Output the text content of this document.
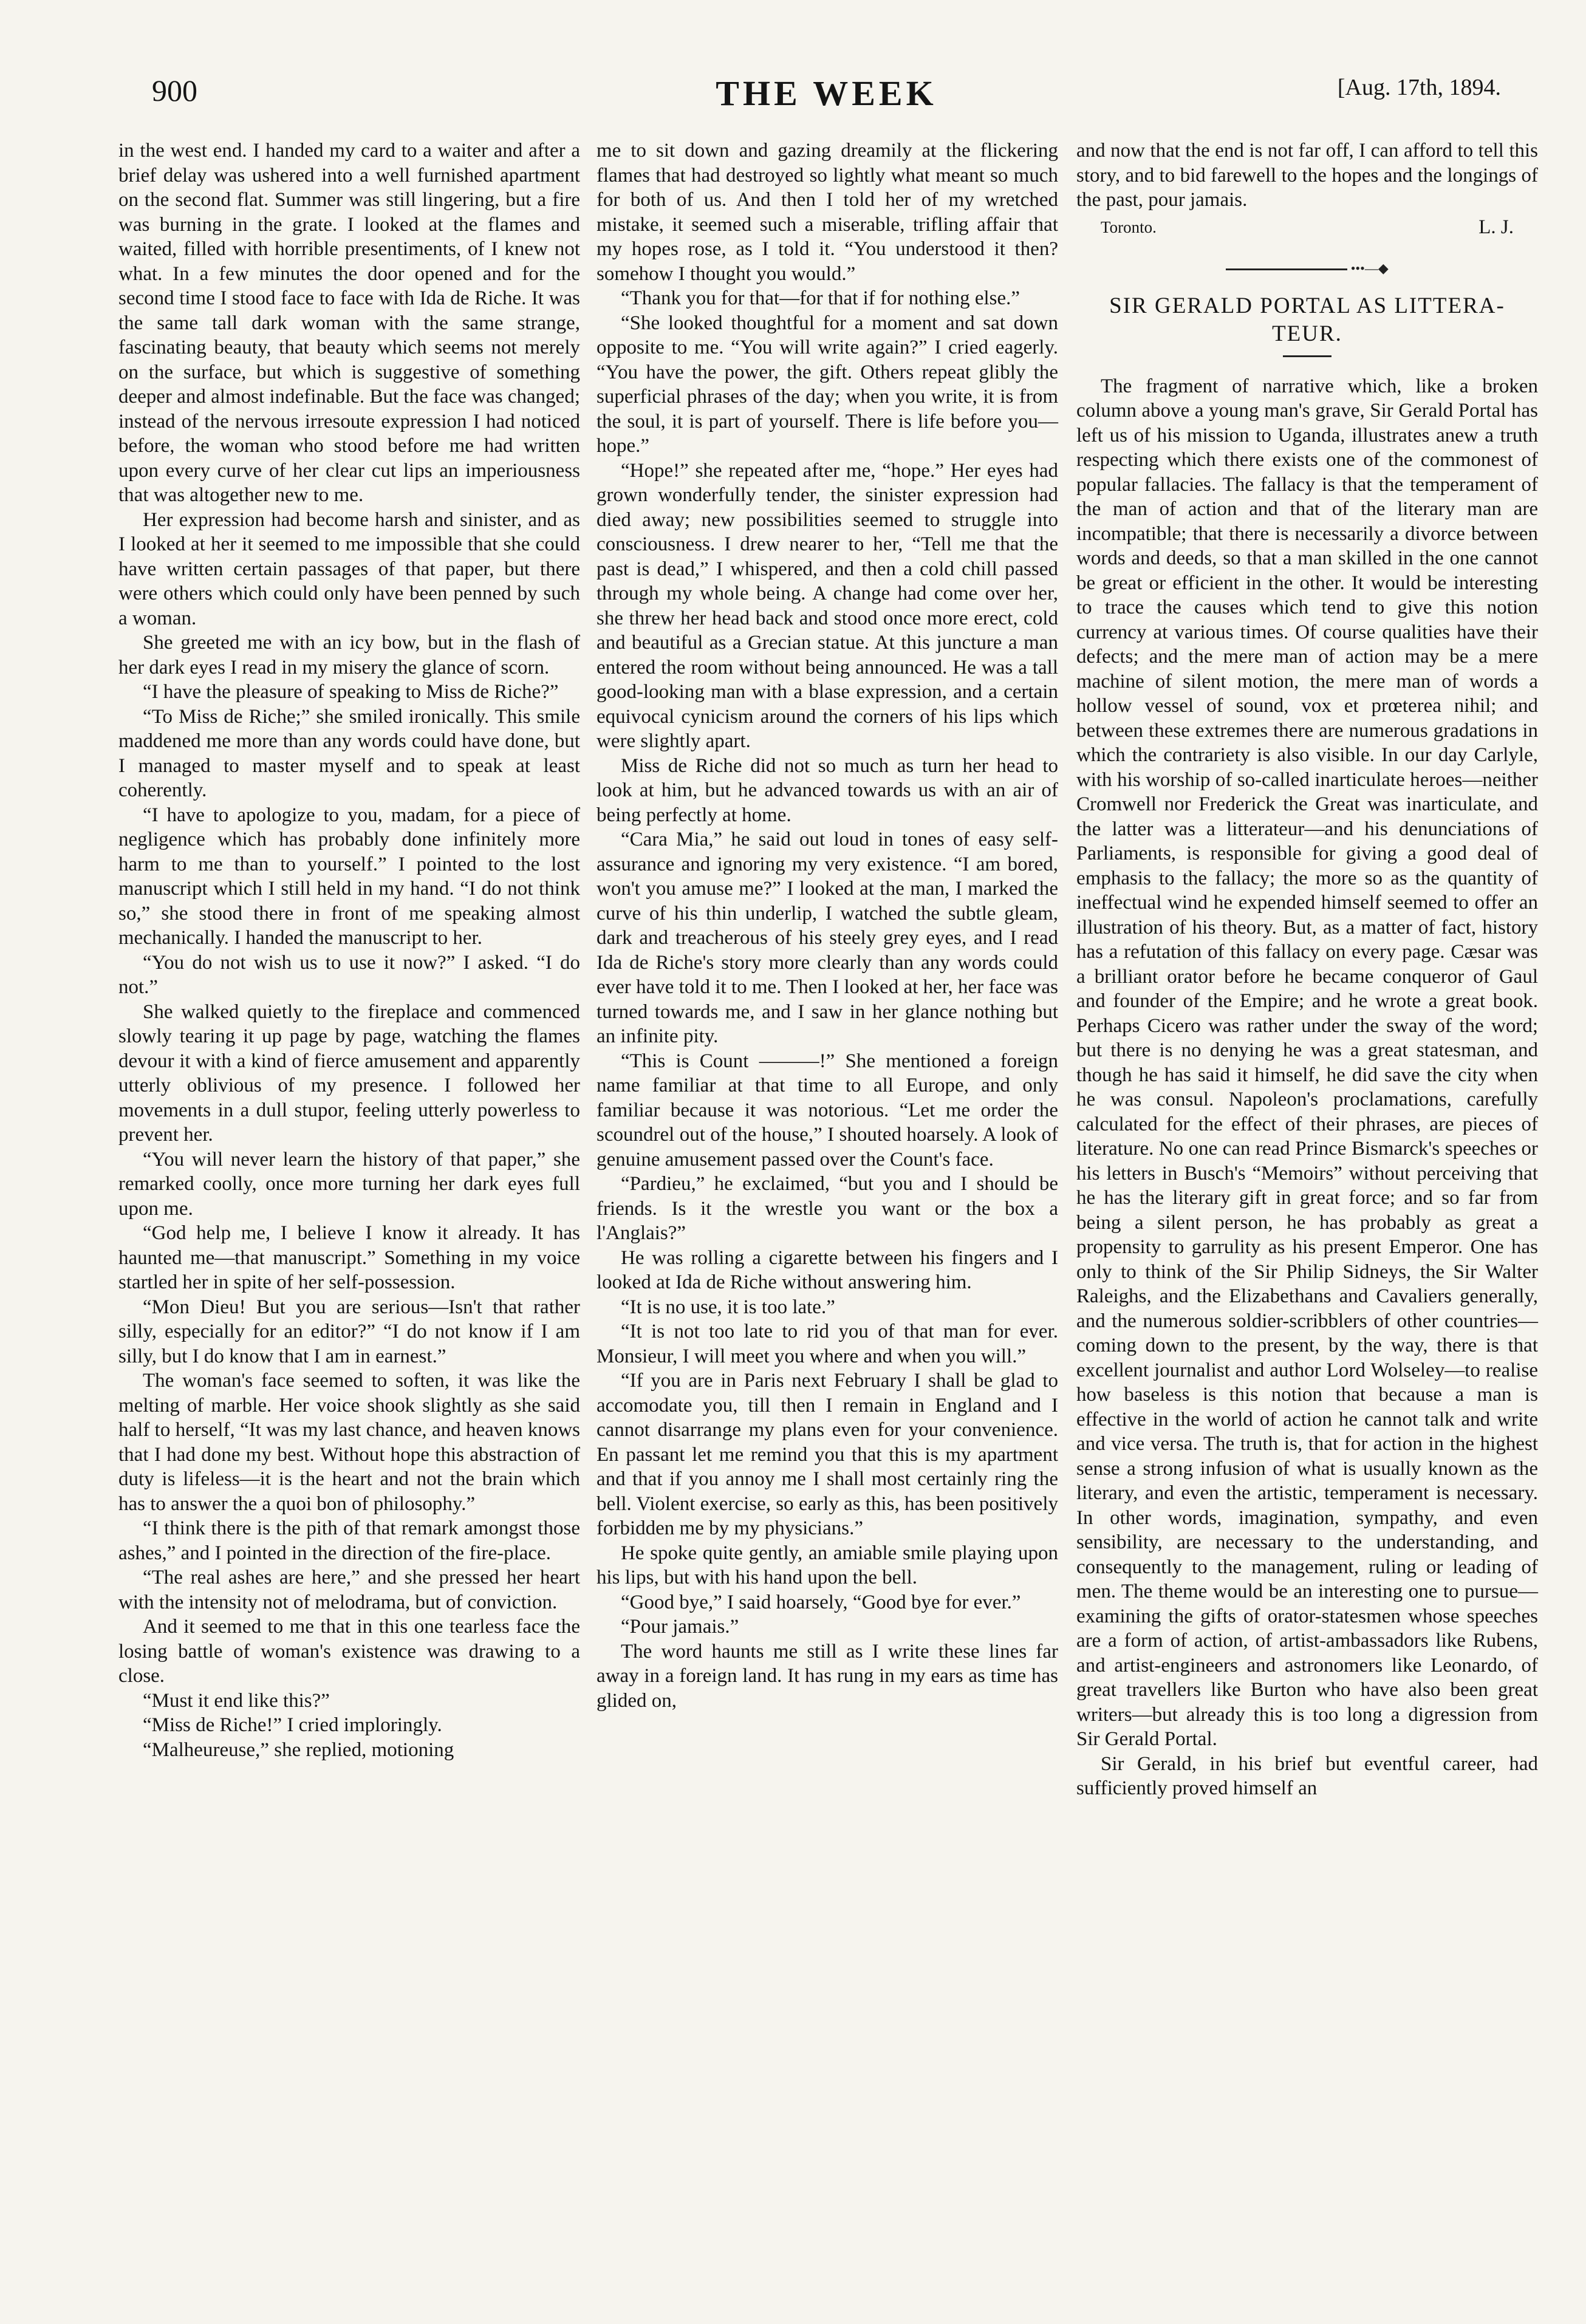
900	THE WEEK	[Aug. 17th, 1894.

in the west end. I handed my card to a waiter and after a brief delay was ushered into a well furnished apartment on the second flat. Summer was still lingering, but a fire was burning in the grate. I looked at the flames and waited, filled with horrible presentiments, of I knew not what. In a few minutes the door opened and for the second time I stood face to face with Ida de Riche. It was the same tall dark woman with the same strange, fascinating beauty, that beauty which seems not merely on the surface, but which is suggestive of something deeper and almost indefinable. But the face was changed; instead of the nervous irresoute expression I had noticed before, the woman who stood before me had written upon every curve of her clear cut lips an imperiousness that was altogether new to me.

Her expression had become harsh and sinister, and as I looked at her it seemed to me impossible that she could have written certain passages of that paper, but there were others which could only have been penned by such a woman.

She greeted me with an icy bow, but in the flash of her dark eyes I read in my misery the glance of scorn.

“I have the pleasure of speaking to Miss de Riche?”

“To Miss de Riche;” she smiled ironically. This smile maddened me more than any words could have done, but I managed to master myself and to speak at least coherently.

“I have to apologize to you, madam, for a piece of negligence which has probably done infinitely more harm to me than to yourself.” I pointed to the lost manuscript which I still held in my hand. “I do not think so,” she stood there in front of me speaking almost mechanically. I handed the manuscript to her.

“You do not wish us to use it now?” I asked. “I do not.”

She walked quietly to the fireplace and commenced slowly tearing it up page by page, watching the flames devour it with a kind of fierce amusement and apparently utterly oblivious of my presence. I followed her movements in a dull stupor, feeling utterly powerless to prevent her.

“You will never learn the history of that paper,” she remarked coolly, once more turning her dark eyes full upon me.

“God help me, I believe I know it already. It has haunted me—that manuscript.” Something in my voice startled her in spite of her self-possession.

“Mon Dieu! But you are serious—Isn't that rather silly, especially for an editor?” “I do not know if I am silly, but I do know that I am in earnest.”

The woman's face seemed to soften, it was like the melting of marble. Her voice shook slightly as she said half to herself, “It was my last chance, and heaven knows that I had done my best. Without hope this abstraction of duty is lifeless—it is the heart and not the brain which has to answer the a quoi bon of philosophy.”

“I think there is the pith of that remark amongst those ashes,” and I pointed in the direction of the fire-place.

“The real ashes are here,” and she pressed her heart with the intensity not of melodrama, but of conviction.

And it seemed to me that in this one tearless face the losing battle of woman's existence was drawing to a close.

“Must it end like this?”

“Miss de Riche!” I cried imploringly.

“Malheureuse,” she replied, motioning

me to sit down and gazing dreamily at the flickering flames that had destroyed so lightly what meant so much for both of us. And then I told her of my wretched mistake, it seemed such a miserable, trifling affair that my hopes rose, as I told it. “You understood it then? somehow I thought you would.”

“Thank you for that—for that if for nothing else.”

“She looked thoughtful for a moment and sat down opposite to me. “You will write again?” I cried eagerly. “You have the power, the gift. Others repeat glibly the superficial phrases of the day; when you write, it is from the soul, it is part of yourself. There is life before you—hope.”

“Hope!” she repeated after me, “hope.” Her eyes had grown wonderfully tender, the sinister expression had died away; new possibilities seemed to struggle into consciousness. I drew nearer to her, “Tell me that the past is dead,” I whispered, and then a cold chill passed through my whole being. A change had come over her, she threw her head back and stood once more erect, cold and beautiful as a Grecian statue. At this juncture a man entered the room without being announced. He was a tall good-looking man with a blase expression, and a certain equivocal cynicism around the corners of his lips which were slightly apart.

Miss de Riche did not so much as turn her head to look at him, but he advanced towards us with an air of being perfectly at home.

“Cara Mia,” he said out loud in tones of easy self-assurance and ignoring my very existence. “I am bored, won't you amuse me?” I looked at the man, I marked the curve of his thin underlip, I watched the subtle gleam, dark and treacherous of his steely grey eyes, and I read Ida de Riche's story more clearly than any words could ever have told it to me. Then I looked at her, her face was turned towards me, and I saw in her glance nothing but an infinite pity.

“This is Count ———!” She mentioned a foreign name familiar at that time to all Europe, and only familiar because it was notorious. “Let me order the scoundrel out of the house,” I shouted hoarsely. A look of genuine amusement passed over the Count's face.

“Pardieu,” he exclaimed, “but you and I should be friends. Is it the wrestle you want or the box a l'Anglais?”

He was rolling a cigarette between his fingers and I looked at Ida de Riche without answering him.

“It is no use, it is too late.”

“It is not too late to rid you of that man for ever. Monsieur, I will meet you where and when you will.”

“If you are in Paris next February I shall be glad to accomodate you, till then I remain in England and I cannot disarrange my plans even for your convenience. En passant let me remind you that this is my apartment and that if you annoy me I shall most certainly ring the bell. Violent exercise, so early as this, has been positively forbidden me by my physicians.”

He spoke quite gently, an amiable smile playing upon his lips, but with his hand upon the bell.

“Good bye,” I said hoarsely, “Good bye for ever.”

“Pour jamais.”

The word haunts me still as I write these lines far away in a foreign land. It has rung in my ears as time has glided on,

and now that the end is not far off, I can afford to tell this story, and to bid farewell to the hopes and the longings of the past, pour jamais.

Toronto.	L. J.
•••—◆

SIR GERALD PORTAL AS LITTERA-
TEUR.

The fragment of narrative which, like a broken column above a young man's grave, Sir Gerald Portal has left us of his mission to Uganda, illustrates anew a truth respecting which there exists one of the commonest of popular fallacies. The fallacy is that the temperament of the man of action and that of the literary man are incompatible; that there is necessarily a divorce between words and deeds, so that a man skilled in the one cannot be great or efficient in the other. It would be interesting to trace the causes which tend to give this notion currency at various times. Of course qualities have their defects; and the mere man of action may be a mere machine of silent motion, the mere man of words a hollow vessel of sound, vox et prœterea nihil; and between these extremes there are numerous gradations in which the contrariety is also visible. In our day Carlyle, with his worship of so-called inarticulate heroes—neither Cromwell nor Frederick the Great was inarticulate, and the latter was a litterateur—and his denunciations of Parliaments, is responsible for giving a good deal of emphasis to the fallacy; the more so as the quantity of ineffectual wind he expended himself seemed to offer an illustration of his theory. But, as a matter of fact, history has a refutation of this fallacy on every page. Cæsar was a brilliant orator before he became conqueror of Gaul and founder of the Empire; and he wrote a great book. Perhaps Cicero was rather under the sway of the word; but there is no denying he was a great statesman, and though he has said it himself, he did save the city when he was consul. Napoleon's proclamations, carefully calculated for the effect of their phrases, are pieces of literature. No one can read Prince Bismarck's speeches or his letters in Busch's “Memoirs” without perceiving that he has the literary gift in great force; and so far from being a silent person, he has probably as great a propensity to garrulity as his present Emperor. One has only to think of the Sir Philip Sidneys, the Sir Walter Raleighs, and the Elizabethans and Cavaliers generally, and the numerous soldier-scribblers of other countries—coming down to the present, by the way, there is that excellent journalist and author Lord Wolseley—to realise how baseless is this notion that because a man is effective in the world of action he cannot talk and write and vice versa. The truth is, that for action in the highest sense a strong infusion of what is usually known as the literary, and even the artistic, temperament is necessary. In other words, imagination, sympathy, and even sensibility, are necessary to the understanding, and consequently to the management, ruling or leading of men. The theme would be an interesting one to pursue—examining the gifts of orator-statesmen whose speeches are a form of action, of artist-ambassadors like Rubens, and artist-engineers and astronomers like Leonardo, of great travellers like Burton who have also been great writers—but already this is too long a digression from Sir Gerald Portal.

Sir Gerald, in his brief but eventful career, had sufficiently proved himself an
